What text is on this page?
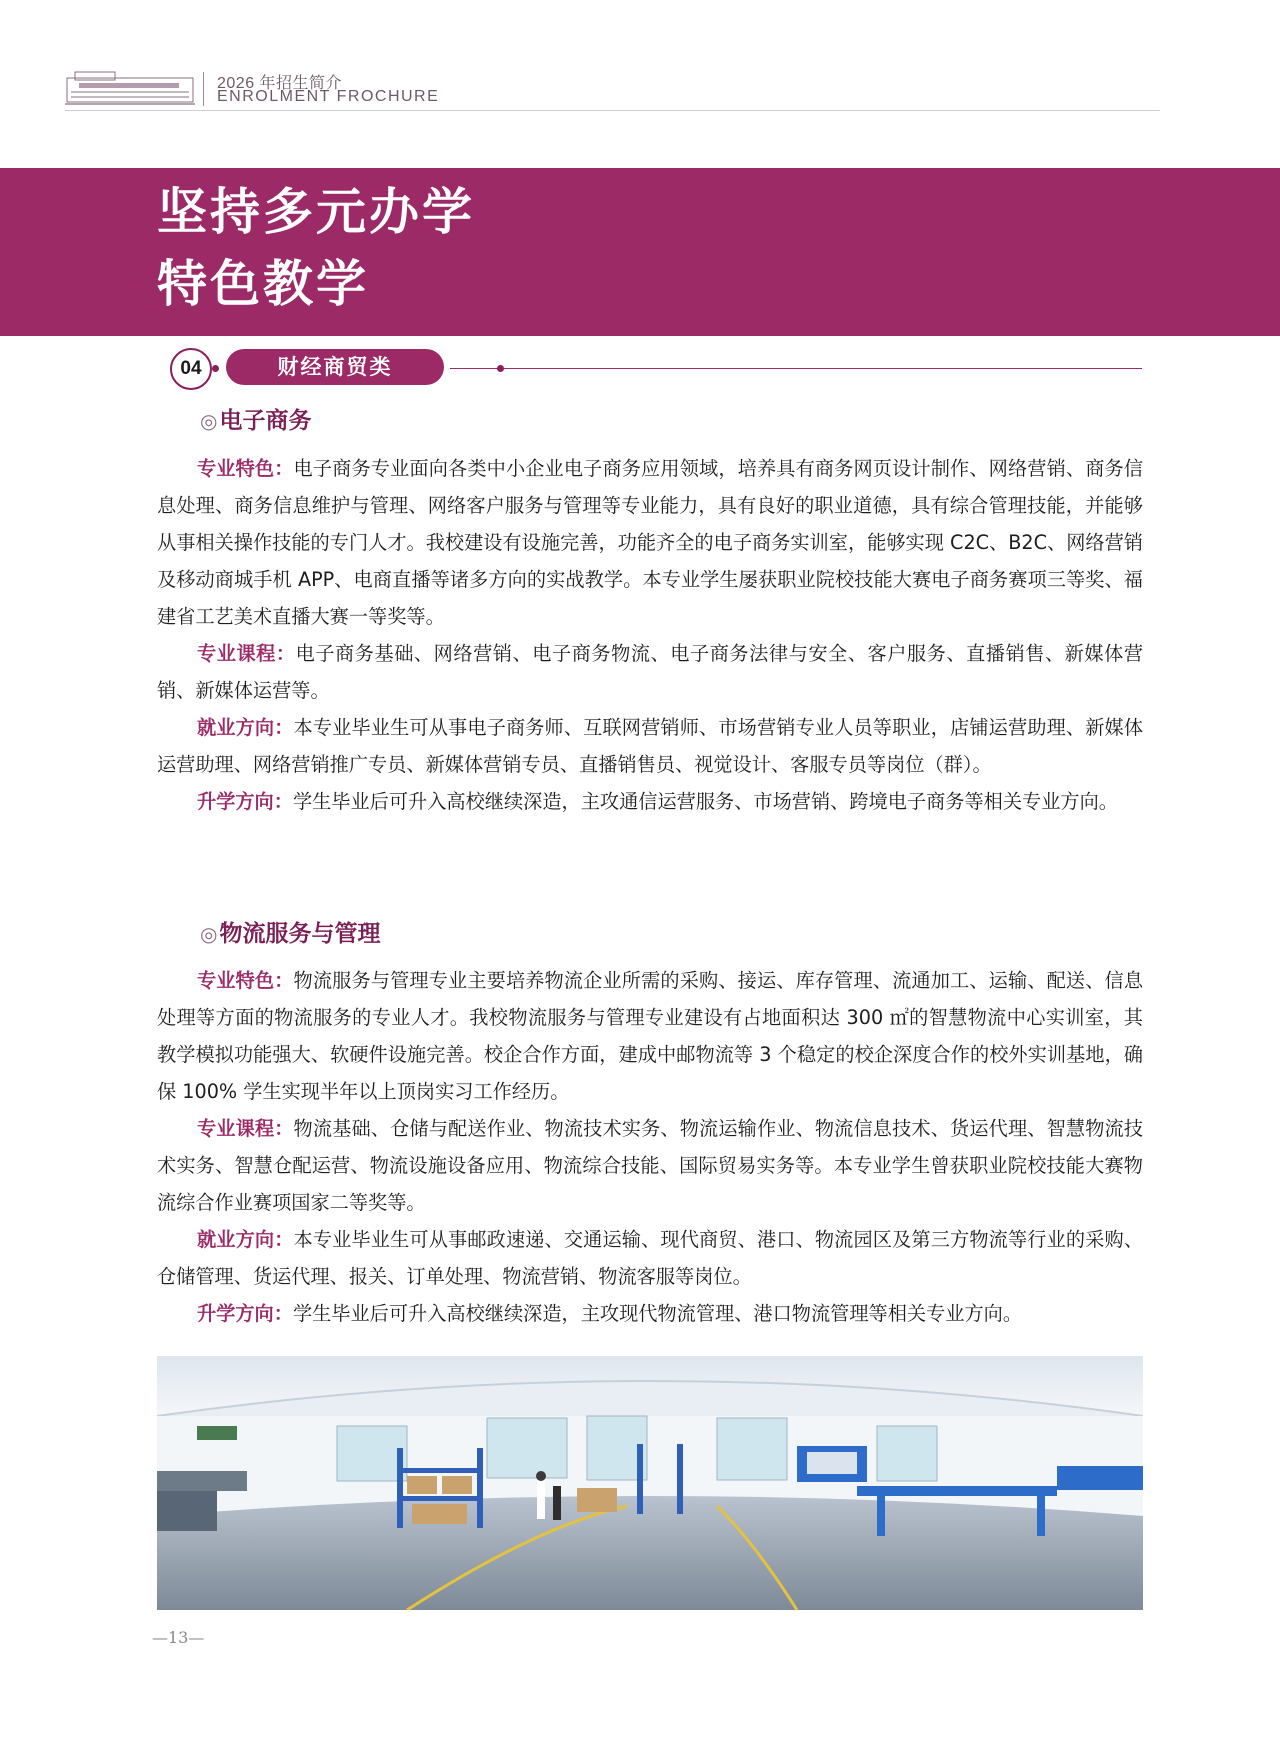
2026 年招生简介
ENROLMENT FROCHURE
坚持多元办学
特色教学
04	财经商贸类
◎电子商务
专业特色：电子商务专业面向各类中小企业电子商务应用领域，培养具有商务网页设计制作、网络营销、商务信息处理、商务信息维护与管理、网络客户服务与管理等专业能力，具有良好的职业道德，具有综合管理技能，并能够从事相关操作技能的专门人才。我校建设有设施完善，功能齐全的电子商务实训室，能够实现 C2C、B2C、网络营销及移动商城手机 APP、电商直播等诸多方向的实战教学。本专业学生屡获职业院校技能大赛电子商务赛项三等奖、福建省工艺美术直播大赛一等奖等。
专业课程：电子商务基础、网络营销、电子商务物流、电子商务法律与安全、客户服务、直播销售、新媒体营销、新媒体运营等。
就业方向：本专业毕业生可从事电子商务师、互联网营销师、市场营销专业人员等职业，店铺运营助理、新媒体运营助理、网络营销推广专员、新媒体营销专员、直播销售员、视觉设计、客服专员等岗位（群）。
升学方向：学生毕业后可升入高校继续深造，主攻通信运营服务、市场营销、跨境电子商务等相关专业方向。
◎物流服务与管理
专业特色：物流服务与管理专业主要培养物流企业所需的采购、接运、库存管理、流通加工、运输、配送、信息处理等方面的物流服务的专业人才。我校物流服务与管理专业建设有占地面积达 300 ㎡的智慧物流中心实训室，其教学模拟功能强大、软硬件设施完善。校企合作方面，建成中邮物流等 3 个稳定的校企深度合作的校外实训基地，确保 100% 学生实现半年以上顶岗实习工作经历。
专业课程：物流基础、仓储与配送作业、物流技术实务、物流运输作业、物流信息技术、货运代理、智慧物流技术实务、智慧仓配运营、物流设施设备应用、物流综合技能、国际贸易实务等。本专业学生曾获职业院校技能大赛物流综合作业赛项国家二等奖等。
就业方向：本专业毕业生可从事邮政速递、交通运输、现代商贸、港口、物流园区及第三方物流等行业的采购、仓储管理、货运代理、报关、订单处理、物流营销、物流客服等岗位。
升学方向：学生毕业后可升入高校继续深造，主攻现代物流管理、港口物流管理等相关专业方向。
—13—
